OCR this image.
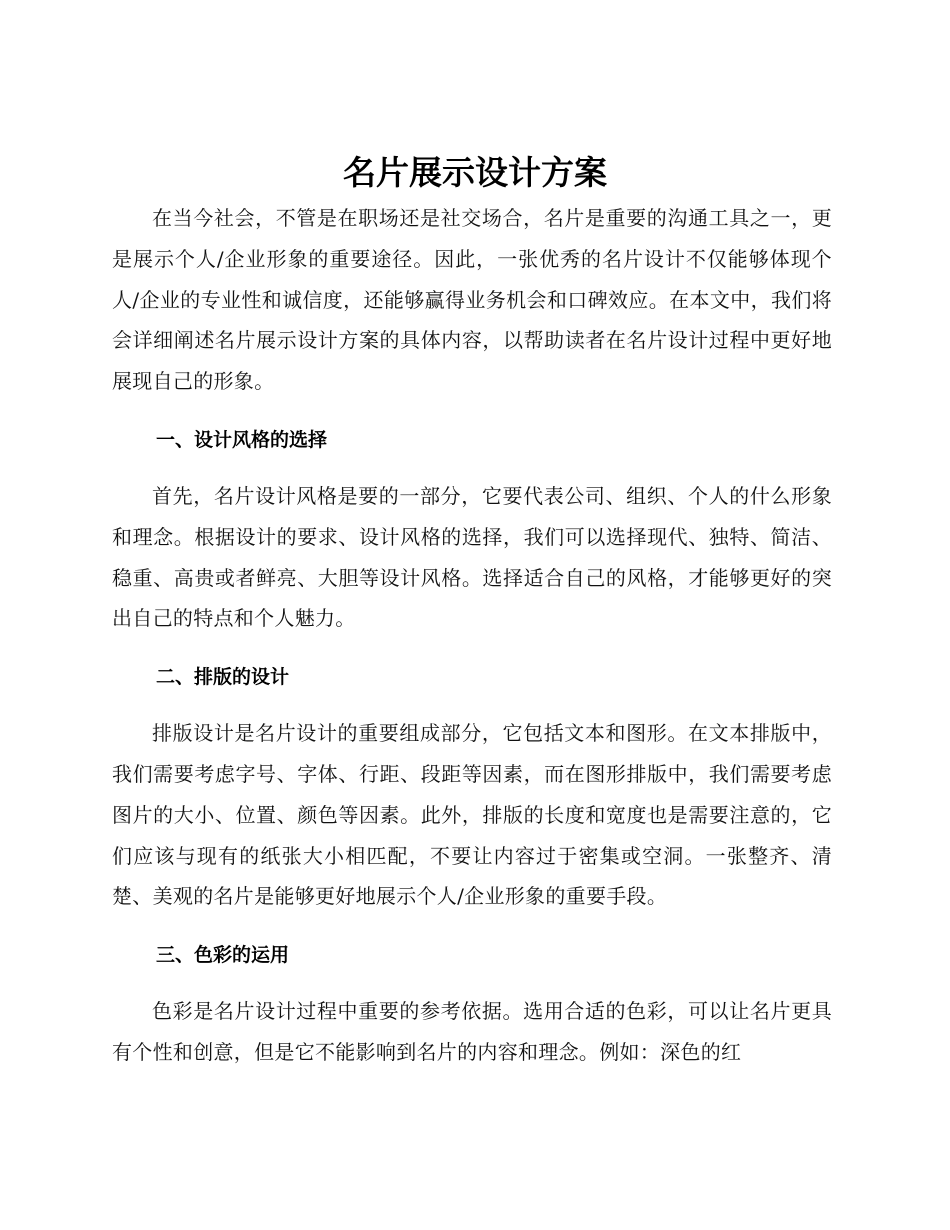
名片展示设计方案

在当今社会，不管是在职场还是社交场合，名片是重要的沟通工具之一，更是展示个人/企业形象的重要途径。因此，一张优秀的名片设计不仅能够体现个人/企业的专业性和诚信度，还能够赢得业务机会和口碑效应。在本文中，我们将会详细阐述名片展示设计方案的具体内容，以帮助读者在名片设计过程中更好地展现自己的形象。

一、设计风格的选择

首先，名片设计风格是要的一部分，它要代表公司、组织、个人的什么形象和理念。根据设计的要求、设计风格的选择，我们可以选择现代、独特、简洁、稳重、高贵或者鲜亮、大胆等设计风格。选择适合自己的风格，才能够更好的突出自己的特点和个人魅力。

二、排版的设计

排版设计是名片设计的重要组成部分，它包括文本和图形。在文本排版中，我们需要考虑字号、字体、行距、段距等因素，而在图形排版中，我们需要考虑图片的大小、位置、颜色等因素。此外，排版的长度和宽度也是需要注意的，它们应该与现有的纸张大小相匹配，不要让内容过于密集或空洞。一张整齐、清楚、美观的名片是能够更好地展示个人/企业形象的重要手段。

三、色彩的运用

色彩是名片设计过程中重要的参考依据。选用合适的色彩，可以让名片更具有个性和创意，但是它不能影响到名片的内容和理念。例如：深色的红
